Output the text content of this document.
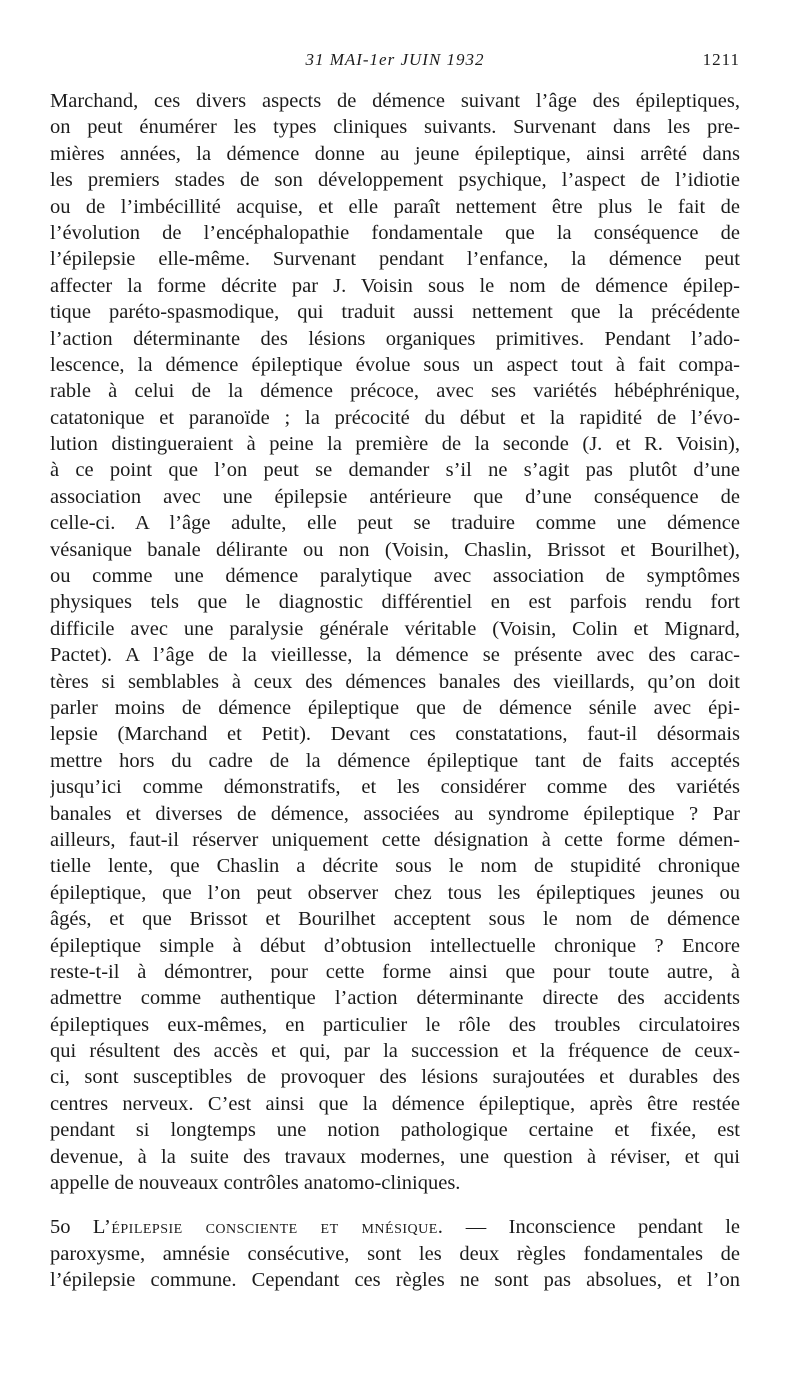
31 MAI-1er JUIN 1932	1211
Marchand, ces divers aspects de démence suivant l’âge des épileptiques,
on peut énumérer les types cliniques suivants. Survenant dans les pre-
mières années, la démence donne au jeune épileptique, ainsi arrêté dans
les premiers stades de son développement psychique, l’aspect de l’idiotie
ou de l’imbécillité acquise, et elle paraît nettement être plus le fait de
l’évolution de l’encéphalopathie fondamentale que la conséquence de
l’épilepsie elle-même. Survenant pendant l’enfance, la démence peut
affecter la forme décrite par J. Voisin sous le nom de démence épilep-
tique paréto-spasmodique, qui traduit aussi nettement que la précédente
l’action déterminante des lésions organiques primitives. Pendant l’ado-
lescence, la démence épileptique évolue sous un aspect tout à fait compa-
rable à celui de la démence précoce, avec ses variétés hébéphrénique,
catatonique et paranoïde ; la précocité du début et la rapidité de l’évo-
lution distingueraient à peine la première de la seconde (J. et R. Voisin),
à ce point que l’on peut se demander s’il ne s’agit pas plutôt d’une
association avec une épilepsie antérieure que d’une conséquence de
celle-ci. A l’âge adulte, elle peut se traduire comme une démence
vésanique banale délirante ou non (Voisin, Chaslin, Brissot et Bourilhet),
ou comme une démence paralytique avec association de symptômes
physiques tels que le diagnostic différentiel en est parfois rendu fort
difficile avec une paralysie générale véritable (Voisin, Colin et Mignard,
Pactet). A l’âge de la vieillesse, la démence se présente avec des carac-
tères si semblables à ceux des démences banales des vieillards, qu’on doit
parler moins de démence épileptique que de démence sénile avec épi-
lepsie (Marchand et Petit). Devant ces constatations, faut-il désormais
mettre hors du cadre de la démence épileptique tant de faits acceptés
jusqu’ici comme démonstratifs, et les considérer comme des variétés
banales et diverses de démence, associées au syndrome épileptique ? Par
ailleurs, faut-il réserver uniquement cette désignation à cette forme démen-
tielle lente, que Chaslin a décrite sous le nom de stupidité chronique
épileptique, que l’on peut observer chez tous les épileptiques jeunes ou
âgés, et que Brissot et Bourilhet acceptent sous le nom de démence
épileptique simple à début d’obtusion intellectuelle chronique ? Encore
reste-t-il à démontrer, pour cette forme ainsi que pour toute autre, à
admettre comme authentique l’action déterminante directe des accidents
épileptiques eux-mêmes, en particulier le rôle des troubles circulatoires
qui résultent des accès et qui, par la succession et la fréquence de ceux-
ci, sont susceptibles de provoquer des lésions surajoutées et durables des
centres nerveux. C’est ainsi que la démence épileptique, après être restée
pendant si longtemps une notion pathologique certaine et fixée, est
devenue, à la suite des travaux modernes, une question à réviser, et qui
appelle de nouveaux contrôles anatomo-cliniques.
5o L’épilepsie consciente et mnésique. — Inconscience pendant le
paroxysme, amnésie consécutive, sont les deux règles fondamentales de
l’épilepsie commune. Cependant ces règles ne sont pas absolues, et l’on
